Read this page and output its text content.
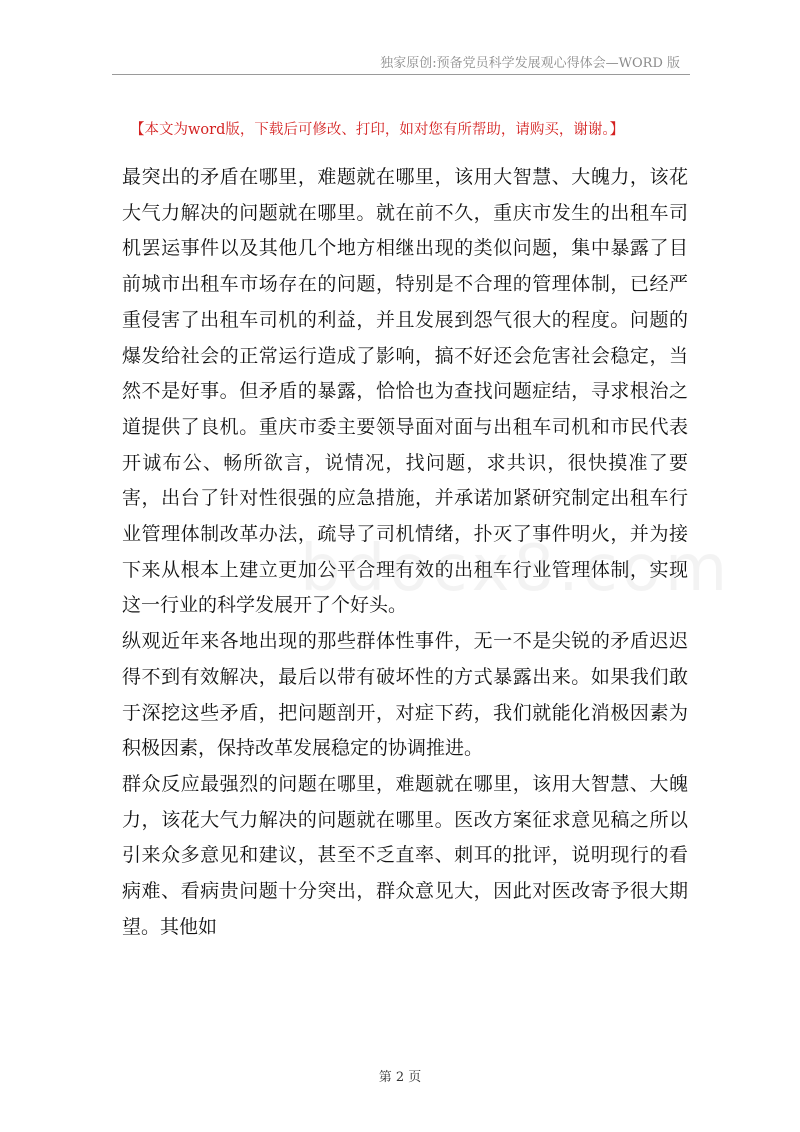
独家原创:预备党员科学发展观心得体会—WORD 版
【本文为word版，下载后可修改、打印，如对您有所帮助，请购买，谢谢。】

最突出的矛盾在哪里，难题就在哪里，该用大智慧、大魄力，该花大气力解决的问题就在哪里。就在前不久，重庆市发生的出租车司机罢运事件以及其他几个地方相继出现的类似问题，集中暴露了目前城市出租车市场存在的问题，特别是不合理的管理体制，已经严重侵害了出租车司机的利益，并且发展到怨气很大的程度。问题的爆发给社会的正常运行造成了影响，搞不好还会危害社会稳定，当然不是好事。但矛盾的暴露，恰恰也为查找问题症结，寻求根治之道提供了良机。重庆市委主要领导面对面与出租车司机和市民代表开诚布公、畅所欲言，说情况，找问题，求共识，很快摸准了要害，出台了针对性很强的应急措施，并承诺加紧研究制定出租车行业管理体制改革办法，疏导了司机情绪，扑灭了事件明火，并为接下来从根本上建立更加公平合理有效的出租车行业管理体制，实现这一行业的科学发展开了个好头。

纵观近年来各地出现的那些群体性事件，无一不是尖锐的矛盾迟迟得不到有效解决，最后以带有破坏性的方式暴露出来。如果我们敢于深挖这些矛盾，把问题剖开，对症下药，我们就能化消极因素为积极因素，保持改革发展稳定的协调推进。

群众反应最强烈的问题在哪里，难题就在哪里，该用大智慧、大魄力，该花大气力解决的问题就在哪里。医改方案征求意见稿之所以引来众多意见和建议，甚至不乏直率、刺耳的批评，说明现行的看病难、看病贵问题十分突出，群众意见大，因此对医改寄予很大期望。其他如

第 2 页
